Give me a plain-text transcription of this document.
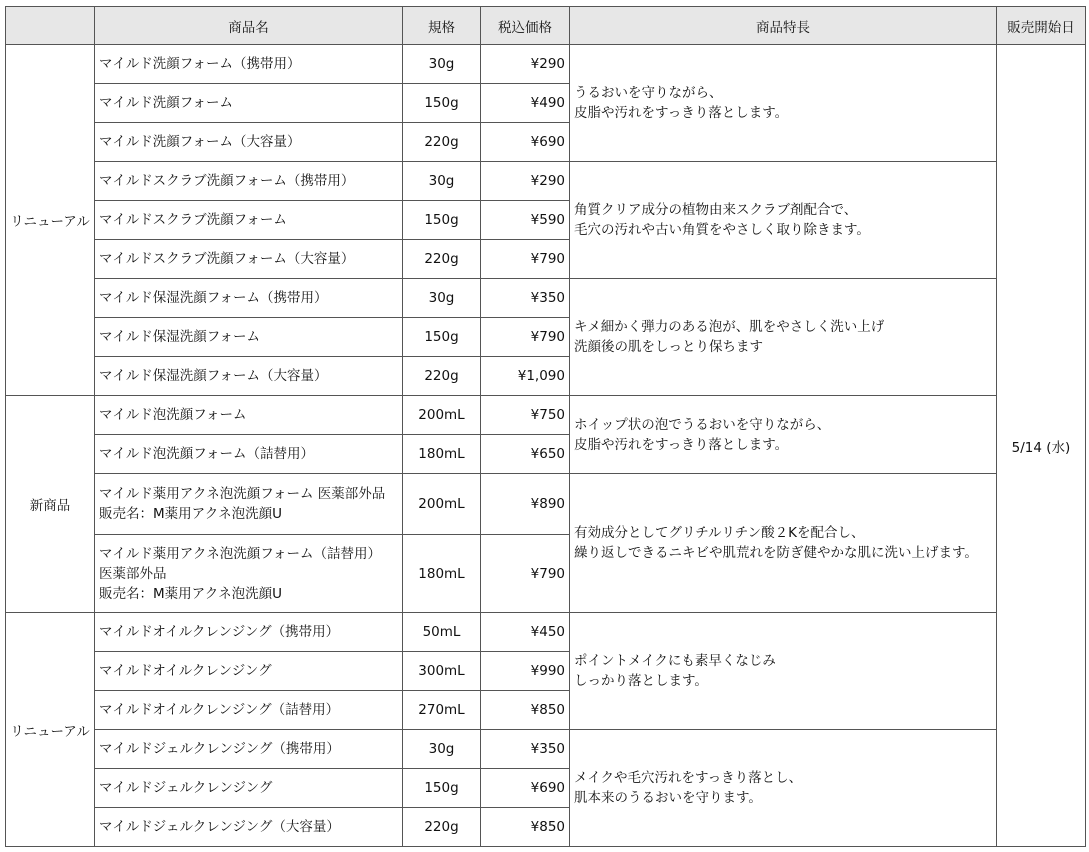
	商品名	規格	税込価格	商品特長	販売開始日
リニューアル	マイルド洗顔フォーム（携帯用）	30g	¥290	うるおいを守りながら、
皮脂や汚れをすっきり落とします。	5/14 (水)

	マイルド洗顔フォーム	150g	¥490		

	マイルド洗顔フォーム（大容量）	220g	¥690		

	マイルドスクラブ洗顔フォーム（携帯用）	30g	¥290	角質クリア成分の植物由来スクラブ剤配合で、
毛穴の汚れや古い角質をやさしく取り除きます。	

	マイルドスクラブ洗顔フォーム	150g	¥590		

	マイルドスクラブ洗顔フォーム（大容量）	220g	¥790		

	マイルド保湿洗顔フォーム（携帯用）	30g	¥350	キメ細かく弾力のある泡が、肌をやさしく洗い上げ
洗顔後の肌をしっとり保ちます	

	マイルド保湿洗顔フォーム	150g	¥790		

	マイルド保湿洗顔フォーム（大容量）	220g	¥1,090		
新商品	マイルド泡洗顔フォーム	200mL	¥750	ホイップ状の泡でうるおいを守りながら、
皮脂や汚れをすっきり落とします。	

	マイルド泡洗顔フォーム（詰替用）	180mL	¥650		

	マイルド薬用アクネ泡洗顔フォーム 医薬部外品
販売名：M薬用アクネ泡洗顔U	200mL	¥890	有効成分としてグリチルリチン酸２Kを配合し、
繰り返しできるニキビや肌荒れを防ぎ健やかな肌に洗い上げます。	

	マイルド薬用アクネ泡洗顔フォーム（詰替用）
医薬部外品
販売名：M薬用アクネ泡洗顔U	180mL	¥790		
リニューアル	マイルドオイルクレンジング（携帯用）	50mL	¥450	ポイントメイクにも素早くなじみ
しっかり落とします。	

	マイルドオイルクレンジング	300mL	¥990		

	マイルドオイルクレンジング（詰替用）	270mL	¥850		

	マイルドジェルクレンジング（携帯用）	30g	¥350	メイクや毛穴汚れをすっきり落とし、
肌本来のうるおいを守ります。	

	マイルドジェルクレンジング	150g	¥690		

	マイルドジェルクレンジング（大容量）	220g	¥850		
